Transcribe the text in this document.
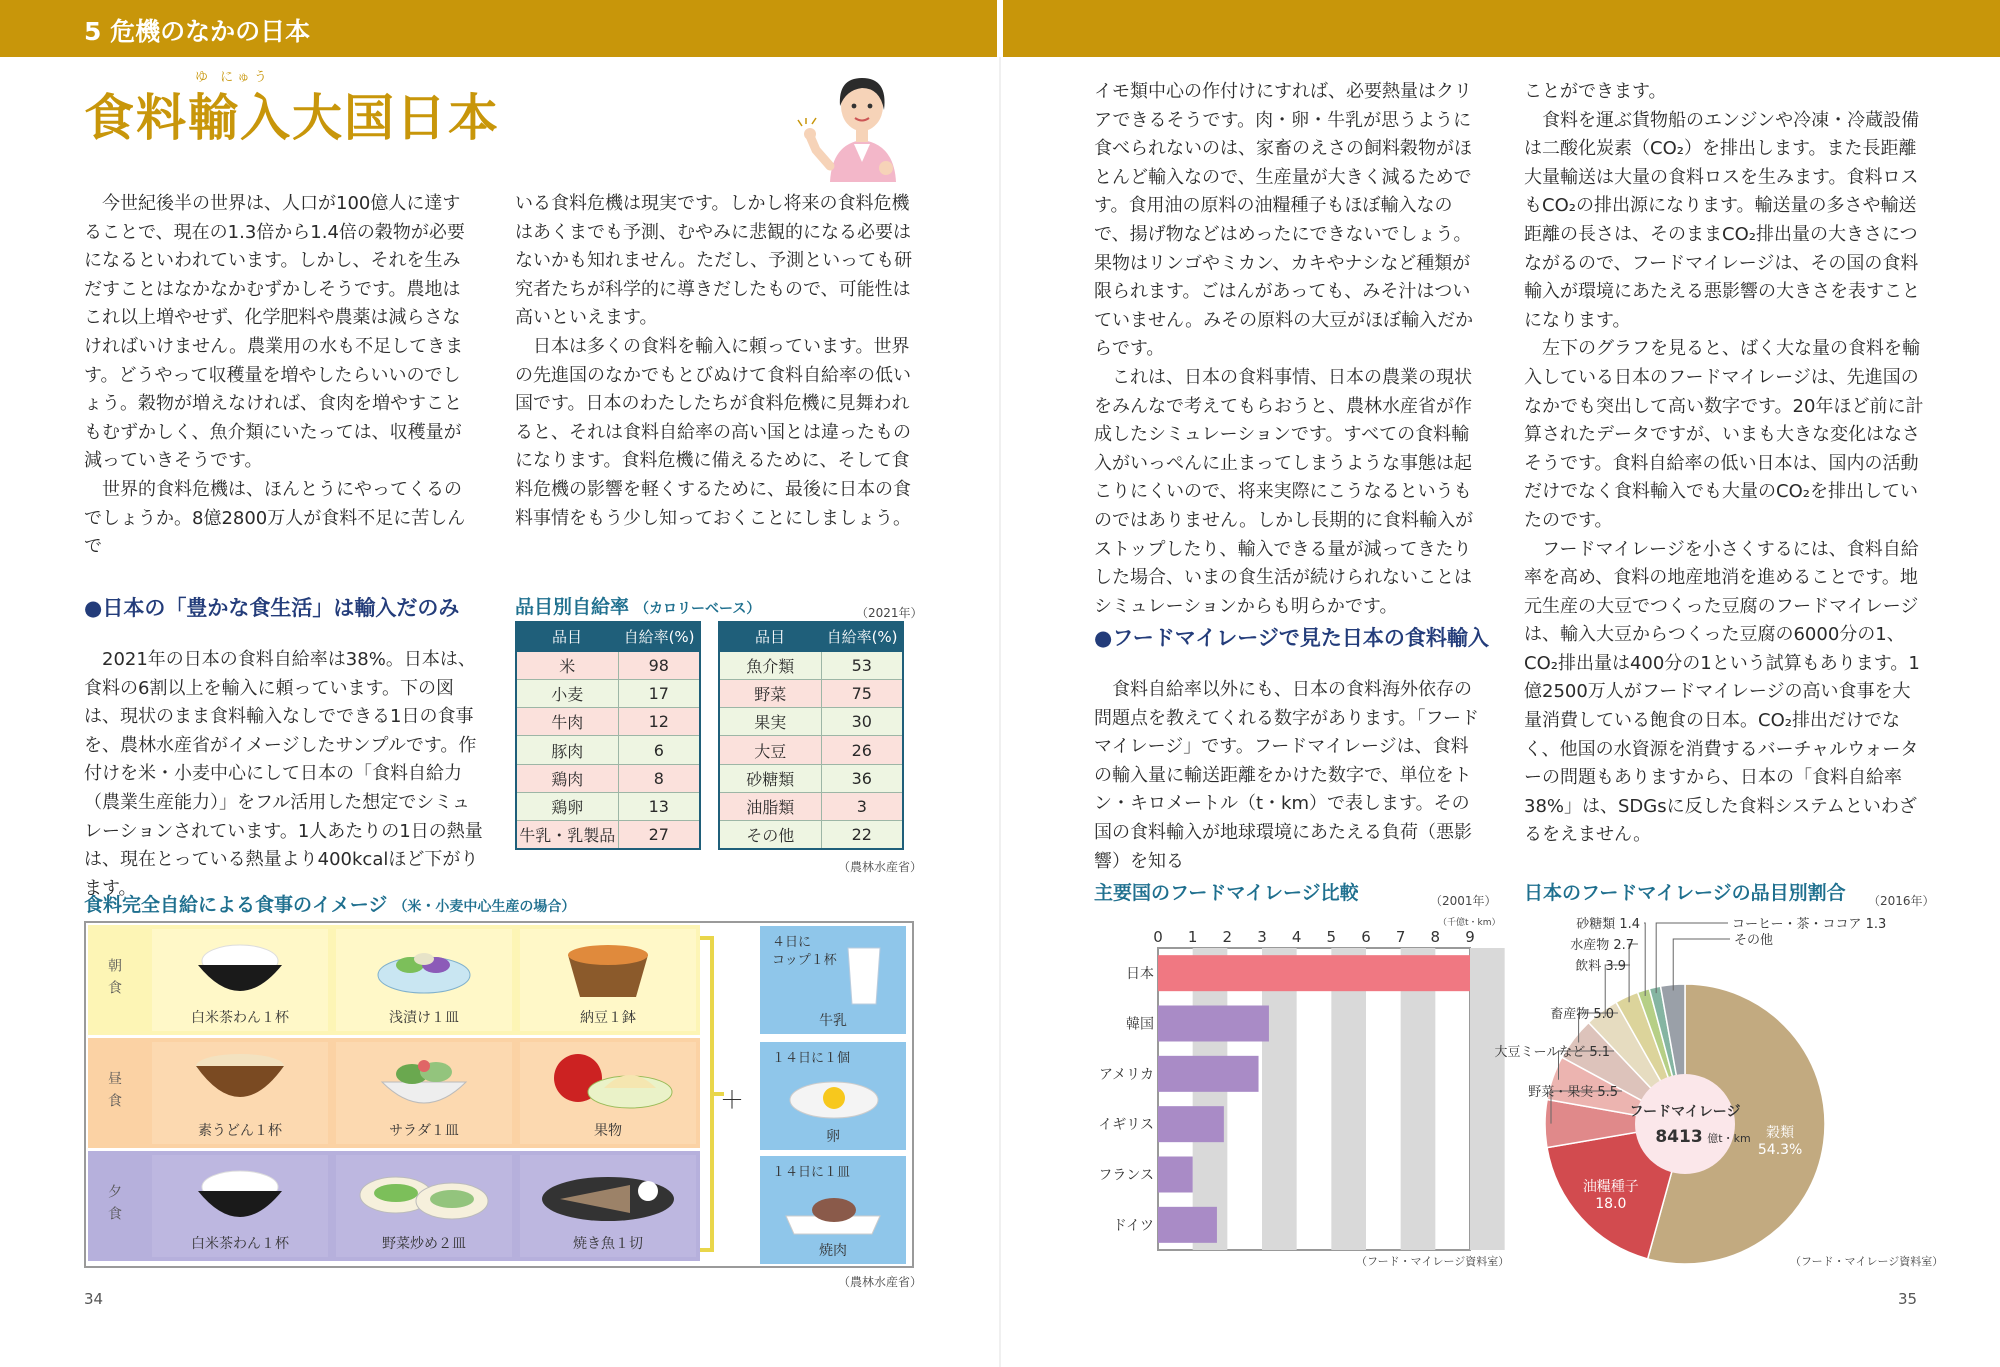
5 危機のなかの日本
ゆ にゅう
食料輸入大国日本

今世紀後半の世界は、人口が100億人に達することで、現在の1.3倍から1.4倍の穀物が必要になるといわれています。しかし、それを生みだすことはなかなかむずかしそうです。農地はこれ以上増やせず、化学肥料や農薬は減らさなければいけません。農業用の水も不足してきます。どうやって収穫量を増やしたらいいのでしょう。穀物が増えなければ、食肉を増やすこともむずかしく、魚介類にいたっては、収穫量が減っていきそうです。

世界的食料危機は、ほんとうにやってくるのでしょうか。8億2800万人が食料不足に苦しんで

いる食料危機は現実です。しかし将来の食料危機はあくまでも予測、むやみに悲観的になる必要はないかも知れません。ただし、予測といっても研究者たちが科学的に導きだしたもので、可能性は高いといえます。

日本は多くの食料を輸入に頼っています。世界の先進国のなかでもとびぬけて食料自給率の低い国です。日本のわたしたちが食料危機に見舞われると、それは食料自給率の高い国とは違ったものになります。食料危機に備えるために、そして食料危機の影響を軽くするために、最後に日本の食料事情をもう少し知っておくことにしましょう。

●日本の「豊かな食生活」は輸入だのみ

2021年の日本の食料自給率は38%。日本は、食料の6割以上を輸入に頼っています。下の図は、現状のまま食料輸入なしでできる1日の食事を、農林水産省がイメージしたサンプルです。作付けを米・小麦中心にして日本の「食料自給力（農業生産能力）」をフル活用した想定でシミュレーションされています。1人あたりの1日の熱量は、現在とっている熱量より400kcalほど下がります。

品目別自給率 （カロリーベース）	（2021年）
品目	自給率(%)
米	98
小麦	17
牛肉	12
豚肉	6
鶏肉	8
鶏卵	13
牛乳・乳製品	27
品目	自給率(%)
魚介類	53
野菜	75
果実	30
大豆	26
砂糖類	36
油脂類	3
その他	22
（農林水産省）
食料完全自給による食事のイメージ （米・小麦中心生産の場合）
朝食
白米茶わん１杯	浅漬け１皿	納豆１鉢
昼食
素うどん１杯	サラダ１皿	果物
夕食
白米茶わん１杯	野菜炒め２皿	焼き魚１切
＋
４日に
コップ１杯
牛乳
１４日に１個
卵
１４日に１皿
焼肉
（農林水産省）
34

イモ類中心の作付けにすれば、必要熱量はクリアできるそうです。肉・卵・牛乳が思うように食べられないのは、家畜のえさの飼料穀物がほとんど輸入なので、生産量が大きく減るためです。食用油の原料の油糧種子もほぼ輸入なので、揚げ物などはめったにできないでしょう。果物はリンゴやミカン、カキやナシなど種類が限られます。ごはんがあっても、みそ汁はついていません。みその原料の大豆がほぼ輸入だからです。

これは、日本の食料事情、日本の農業の現状をみんなで考えてもらおうと、農林水産省が作成したシミュレーションです。すべての食料輸入がいっぺんに止まってしまうような事態は起こりにくいので、将来実際にこうなるというものではありません。しかし長期的に食料輸入がストップしたり、輸入できる量が減ってきたりした場合、いまの食生活が続けられないことはシミュレーションからも明らかです。

●フードマイレージで見た日本の食料輸入

食料自給率以外にも、日本の食料海外依存の問題点を教えてくれる数字があります。「フードマイレージ」です。フードマイレージは、食料の輸入量に輸送距離をかけた数字で、単位をトン・キロメートル（t・km）で表します。その国の食料輸入が地球環境にあたえる負荷（悪影響）を知る

ことができます。

食料を運ぶ貨物船のエンジンや冷凍・冷蔵設備は二酸化炭素（CO₂）を排出します。また長距離大量輸送は大量の食料ロスを生みます。食料ロスもCO₂の排出源になります。輸送量の多さや輸送距離の長さは、そのままCO₂排出量の大きさにつながるので、フードマイレージは、その国の食料輸入が環境にあたえる悪影響の大きさを表すことになります。

左下のグラフを見ると、ばく大な量の食料を輸入している日本のフードマイレージは、先進国のなかでも突出して高い数字です。20年ほど前に計算されたデータですが、いまも大きな変化はなさそうです。食料自給率の低い日本は、国内の活動だけでなく食料輸入でも大量のCO₂を排出していたのです。

フードマイレージを小さくするには、食料自給率を高め、食料の地産地消を進めることです。地元生産の大豆でつくった豆腐のフードマイレージは、輸入大豆からつくった豆腐の6000分の1、CO₂排出量は400分の1という試算もあります。1億2500万人がフードマイレージの高い食事を大量消費している飽食の日本。CO₂排出だけでなく、他国の水資源を消費するバーチャルウォーターの問題もありますから、日本の「食料自給率38%」は、SDGsに反した食料システムといわざるをえません。

主要国のフードマイレージ比較	（2001年）
（千億t・km）
0 1 2 3 4 5 6 7 8 9
日本
韓国
アメリカ
イギリス
フランス
ドイツ
（フード・マイレージ資料室）
日本のフードマイレージの品目別割合 （2016年）
フードマイレージ
8413 億t・km 穀類
54.3%
油糧種子
18.0
野菜・果実 5.5
大豆ミールなど 5.1
畜産物 5.0
飲料 3.9
水産物 2.7
砂糖類 1.4	コーヒー・茶・ココア 1.3
その他
（フード・マイレージ資料室）
35
